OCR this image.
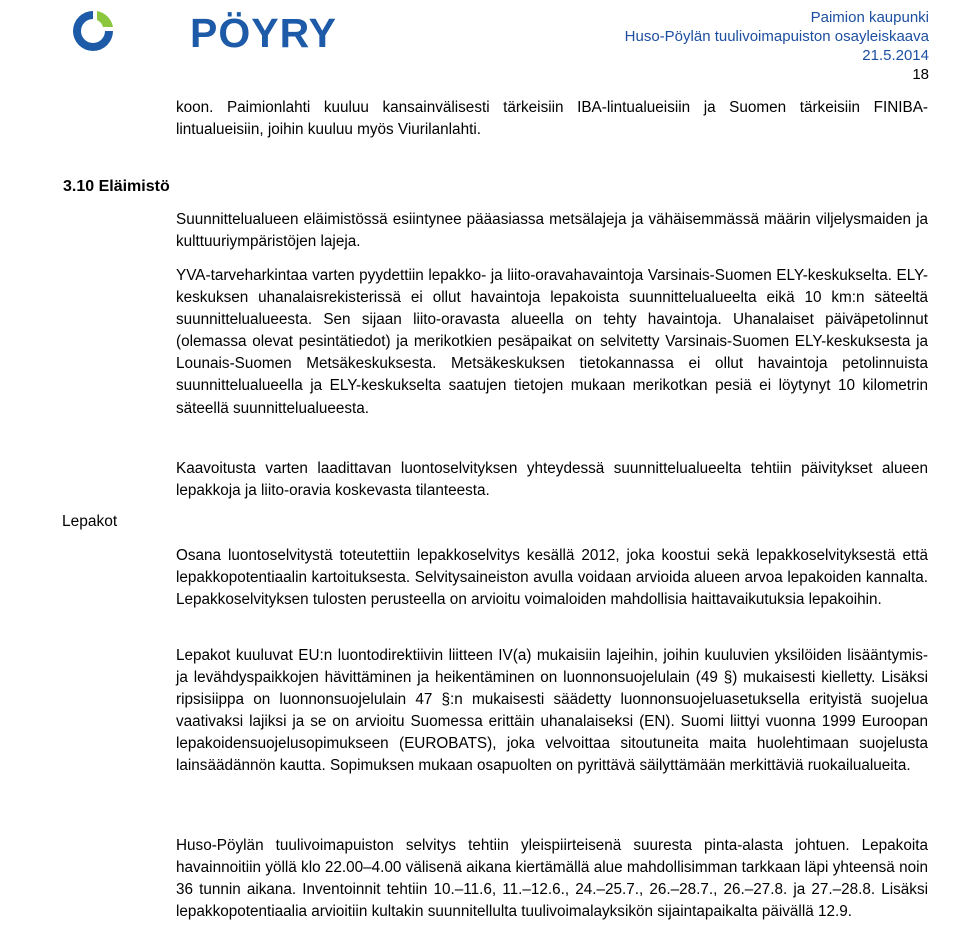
PÖYRY	Paimion kaupunki
Huso-Pöylän tuulivoimapuiston osayleiskaava
21.5.2014
18
koon. Paimionlahti kuuluu kansainvälisesti tärkeisiin IBA-lintualueisiin ja Suomen tärkeisiin FINIBA-lintualueisiin, joihin kuuluu myös Viurilanlahti.
3.10 Eläimistö
Suunnittelualueen eläimistössä esiintynee pääasiassa metsälajeja ja vähäisemmässä määrin viljelysmaiden ja kulttuuriympäristöjen lajeja.
YVA-tarveharkintaa varten pyydettiin lepakko- ja liito-oravahavaintoja Varsinais-Suomen ELY-keskukselta. ELY-keskuksen uhanalaisrekisterissä ei ollut havaintoja lepakoista suunnittelualueelta eikä 10 km:n säteeltä suunnittelualueesta. Sen sijaan liito-oravasta alueella on tehty havaintoja. Uhanalaiset päiväpetolinnut (olemassa olevat pesintätiedot) ja merikotkien pesäpaikat on selvitetty Varsinais-Suomen ELY-keskuksesta ja Lounais-Suomen Metsäkeskuksesta. Metsäkeskuksen tietokannassa ei ollut havaintoja petolinnuista suunnittelualueella ja ELY-keskukselta saatujen tietojen mukaan merikotkan pesiä ei löytynyt 10 kilometrin säteellä suunnittelualueesta.
Kaavoitusta varten laadittavan luontoselvityksen yhteydessä suunnittelualueelta tehtiin päivitykset alueen lepakkoja ja liito-oravia koskevasta tilanteesta.
Lepakot
Osana luontoselvitystä toteutettiin lepakkoselvitys kesällä 2012, joka koostui sekä lepakkoselvityksestä että lepakkopotentiaalin kartoituksesta. Selvitysaineiston avulla voidaan arvioida alueen arvoa lepakoiden kannalta. Lepakkoselvityksen tulosten perusteella on arvioitu voimaloiden mahdollisia haittavaikutuksia lepakoihin.
Lepakot kuuluvat EU:n luontodirektiivin liitteen IV(a) mukaisiin lajeihin, joihin kuuluvien yksilöiden lisääntymis- ja levähdyspaikkojen hävittäminen ja heikentäminen on luonnonsuojelulain (49 §) mukaisesti kielletty. Lisäksi ripsisiippa on luonnonsuojelulain 47 §:n mukaisesti säädetty luonnonsuojeluasetuksella erityistä suojelua vaativaksi lajiksi ja se on arvioitu Suomessa erittäin uhanalaiseksi (EN). Suomi liittyi vuonna 1999 Euroopan lepakoidensuojelusopimukseen (EUROBATS), joka velvoittaa sitoutuneita maita huolehtimaan suojelusta lainsäädännön kautta. Sopimuksen mukaan osapuolten on pyrittävä säilyttämään merkittäviä ruokailualueita.
Huso-Pöylän tuulivoimapuiston selvitys tehtiin yleispiirteisenä suuresta pinta-alasta johtuen. Lepakoita havainnoitiin yöllä klo 22.00–4.00 välisenä aikana kiertämällä alue mahdollisimman tarkkaan läpi yhteensä noin 36 tunnin aikana. Inventoinnit tehtiin 10.–11.6, 11.–12.6., 24.–25.7., 26.–28.7., 26.–27.8. ja 27.–28.8. Lisäksi lepakkopotentiaalia arvioitiin kultakin suunnitellulta tuulivoimalayksikön sijaintapaikalta päivällä 12.9.
